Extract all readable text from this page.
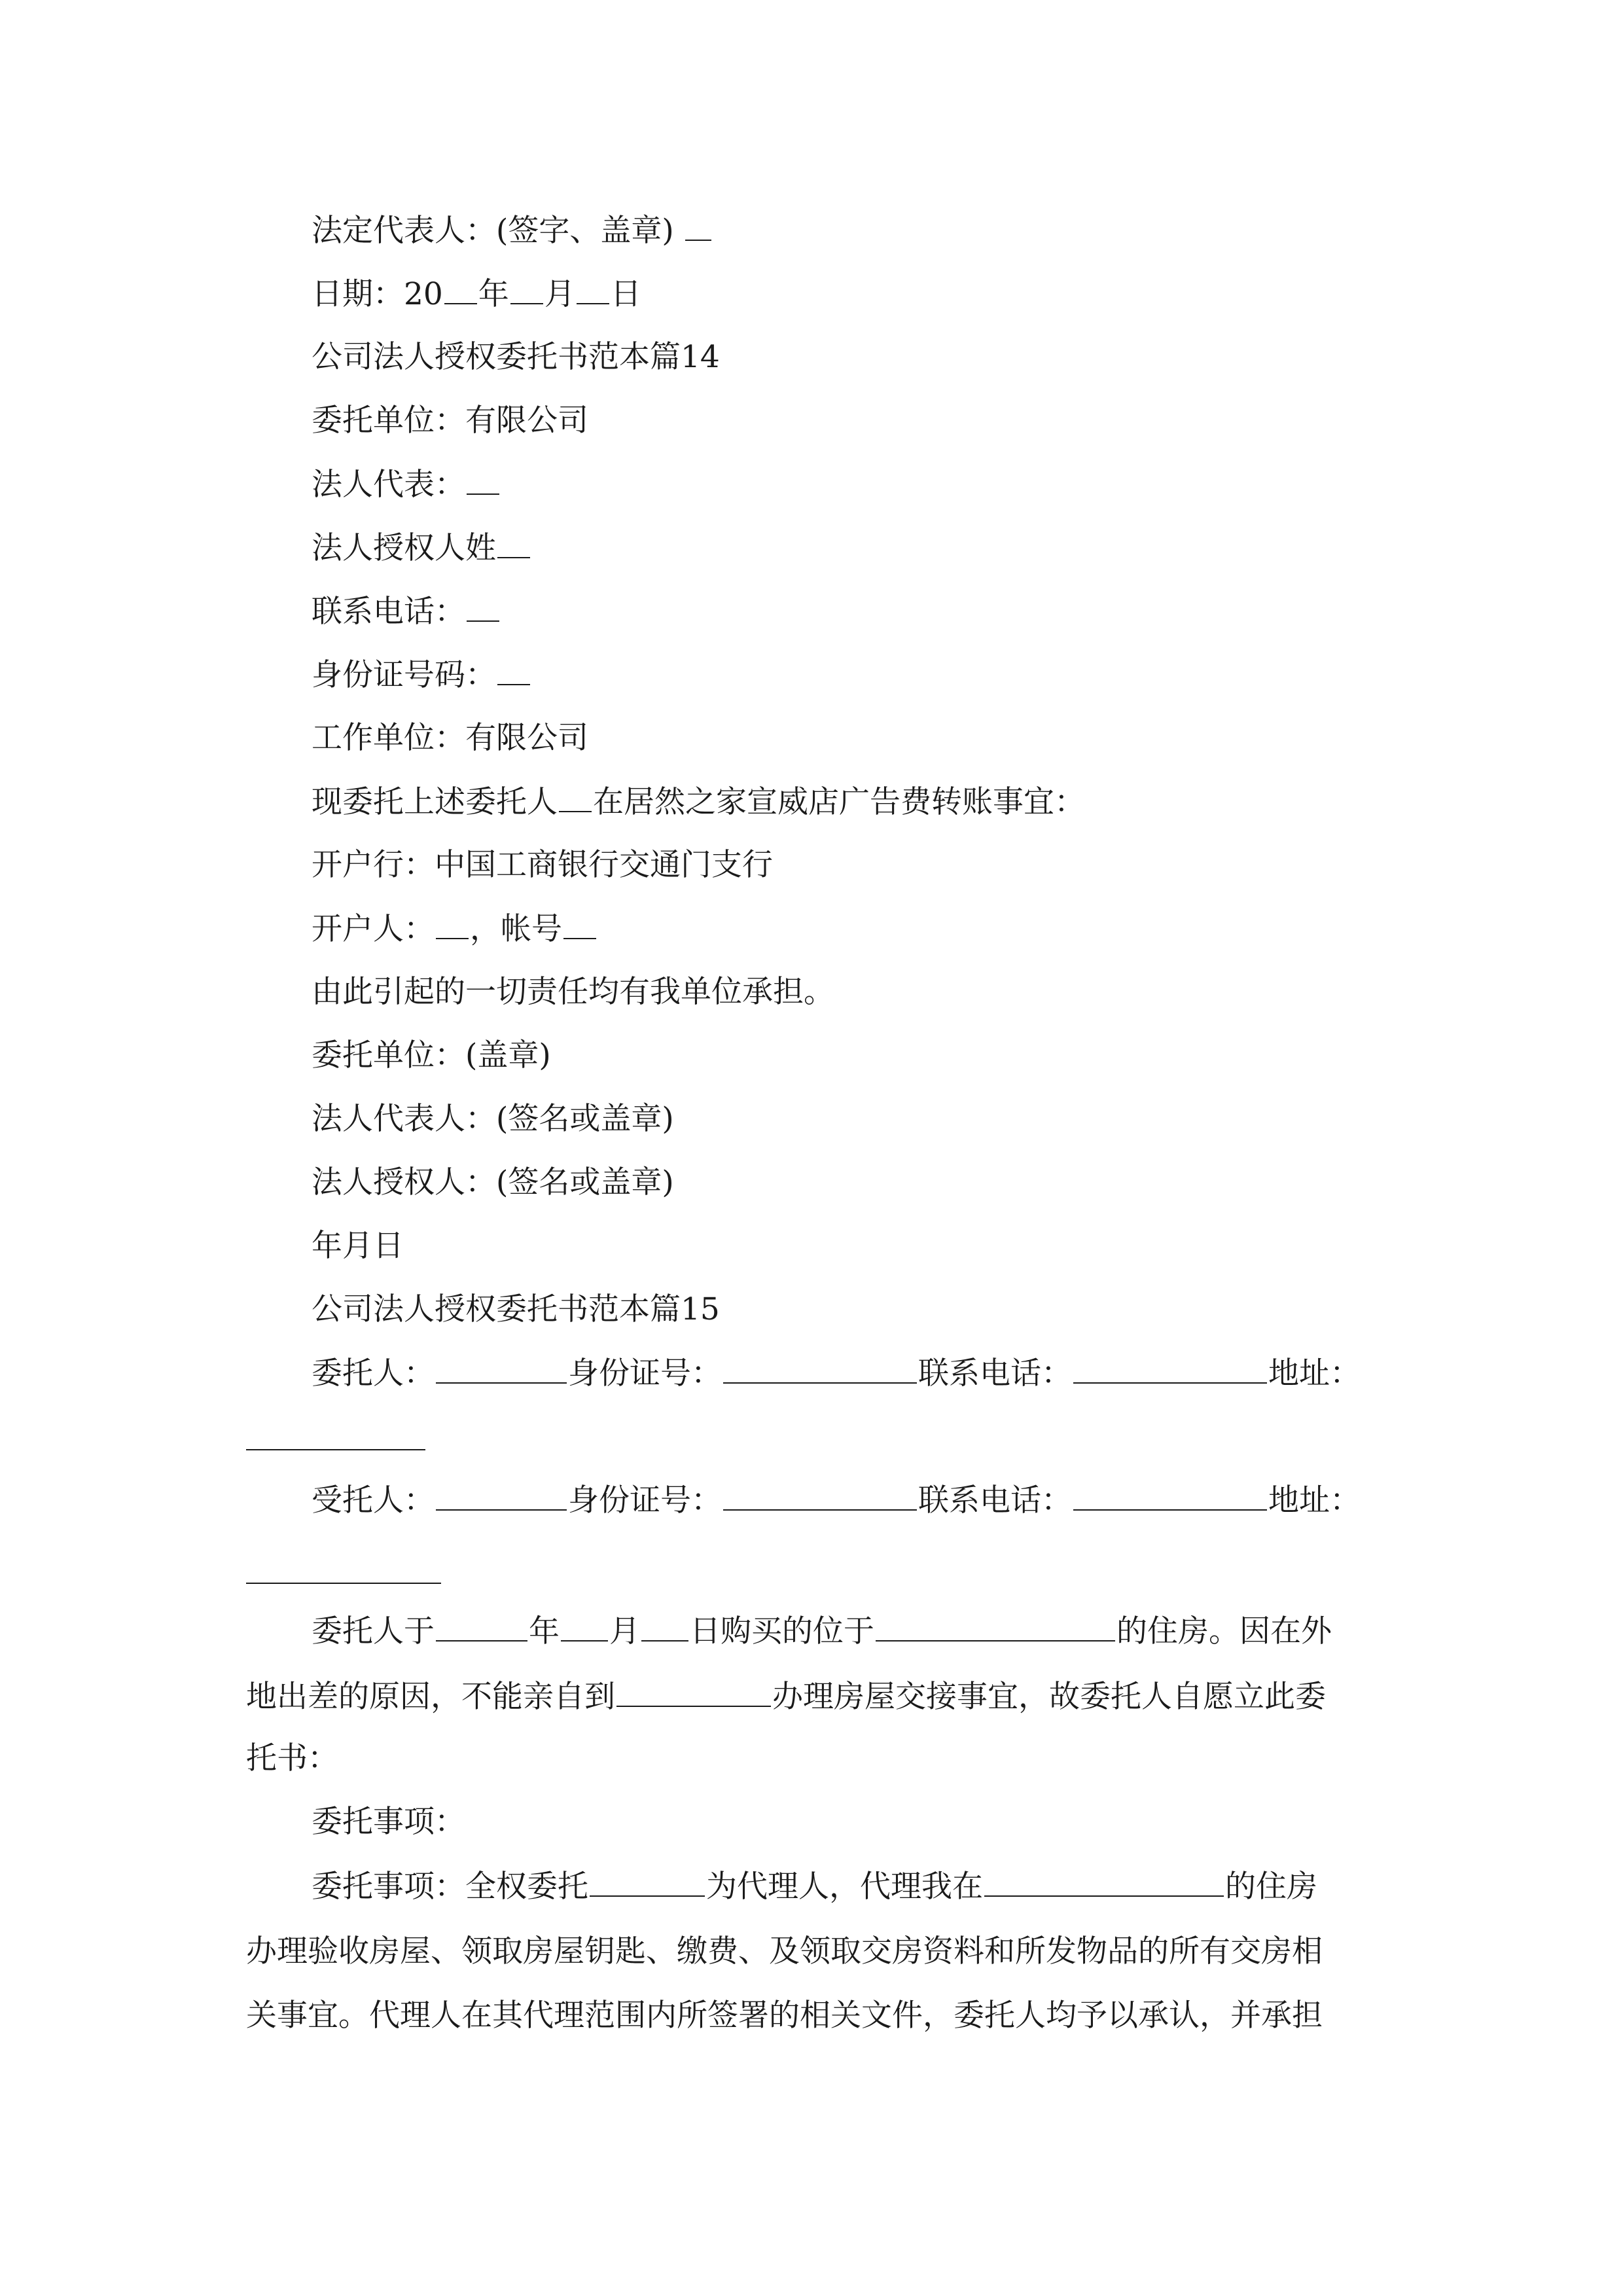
法定代表人：(签字、盖章)
日期：20 年 月 日
公司法人授权委托书范本篇14
委托单位：有限公司
法人代表：
法人授权人姓
联系电话：
身份证号码：
工作单位：有限公司
现委托上述委托人 在居然之家宣威店广告费转账事宜：
开户行：中国工商银行交通门支行
开户人： ，帐号
由此引起的一切责任均有我单位承担。
委托单位：(盖章)
法人代表人：(签名或盖章)
法人授权人：(签名或盖章)
年月日
公司法人授权委托书范本篇15
委托人：	身份证号：	联系电话：	地址：
受托人：	身份证号：	联系电话：	地址：
委托人于	年 月 日购买的位于	的住房。因在外
地出差的原因，不能亲自到	办理房屋交接事宜，故委托人自愿立此委
托书：
委托事项：
委托事项：全权委托	为代理人，代理我在	的住房
办理验收房屋、领取房屋钥匙、缴费、及领取交房资料和所发物品的所有交房相
关事宜。代理人在其代理范围内所签署的相关文件，委托人均予以承认，并承担
